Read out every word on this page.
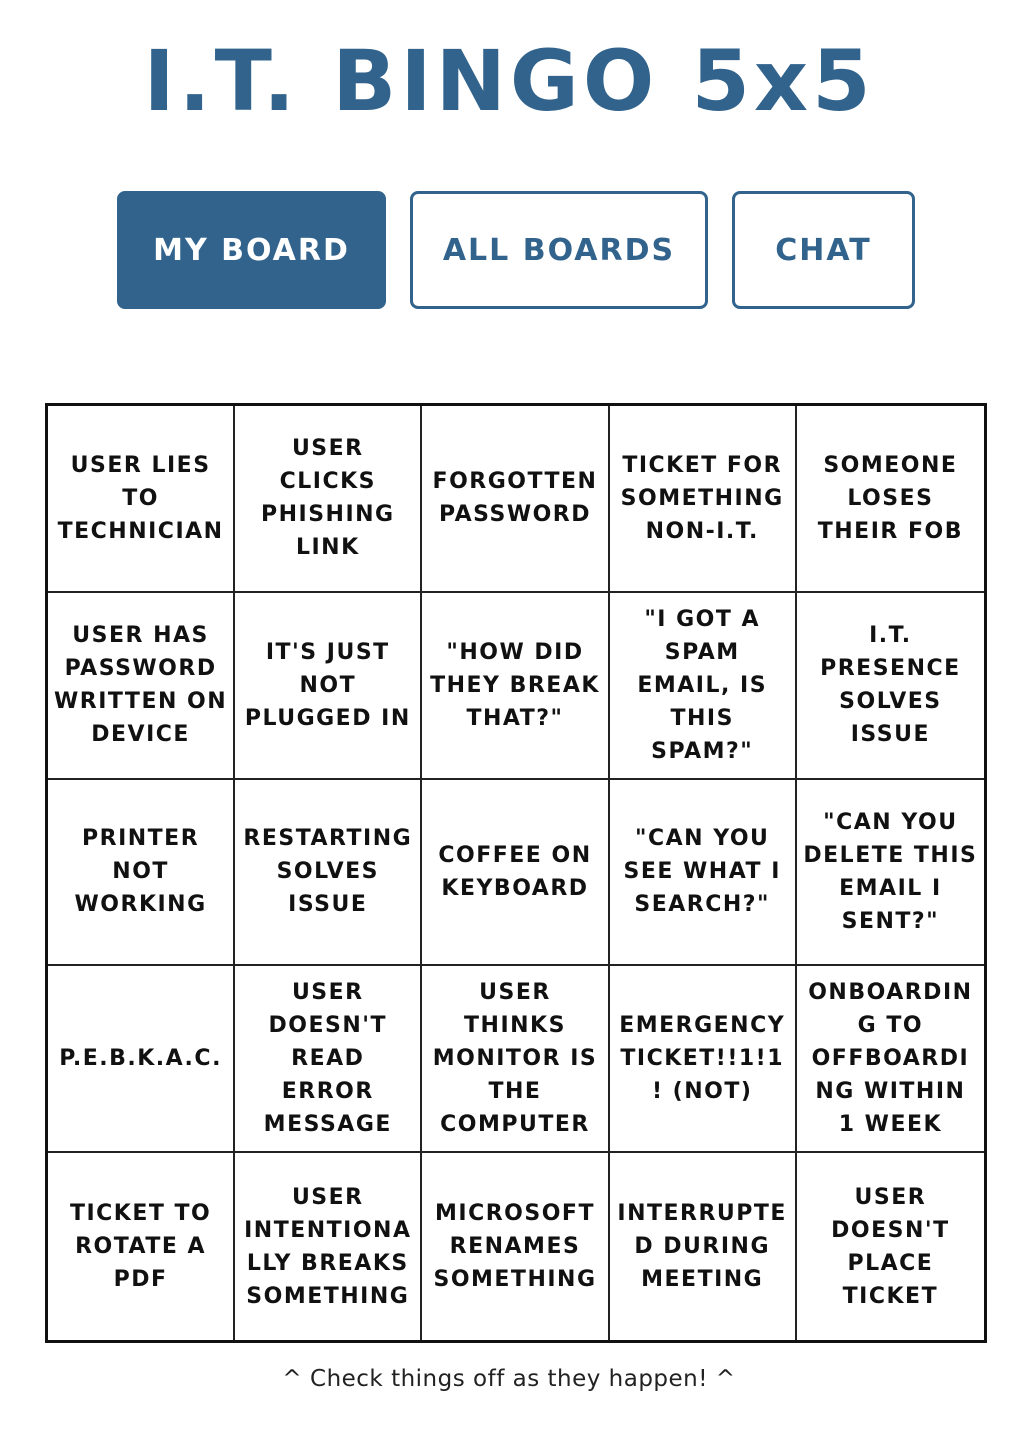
I.T. BINGO 5x5
MY BOARD	ALL BOARDS	CHAT
USER LIES TO TECHNICIAN
USER CLICKS PHISHING LINK
FORGOTTEN PASSWORD
TICKET FOR SOMETHING NON-I.T.
SOMEONE LOSES THEIR FOB
USER HAS PASSWORD WRITTEN ON DEVICE
IT'S JUST NOT PLUGGED IN
"HOW DID THEY BREAK THAT?"
"I GOT A SPAM EMAIL, IS THIS SPAM?"
I.T. PRESENCE SOLVES ISSUE
PRINTER NOT WORKING
RESTARTING SOLVES ISSUE
COFFEE ON KEYBOARD
"CAN YOU SEE WHAT I SEARCH?"
"CAN YOU DELETE THIS EMAIL I SENT?"
P.E.B.K.A.C.
USER DOESN'T READ ERROR MESSAGE
USER THINKS MONITOR IS THE COMPUTER
EMERGENCY TICKET!!1!1! (NOT)
ONBOARDING TO OFFBOARDING WITHIN 1 WEEK
TICKET TO ROTATE A PDF
USER INTENTIONALLY BREAKS SOMETHING
MICROSOFT RENAMES SOMETHING
INTERRUPTED DURING MEETING
USER DOESN'T PLACE TICKET
^ Check things off as they happen! ^
